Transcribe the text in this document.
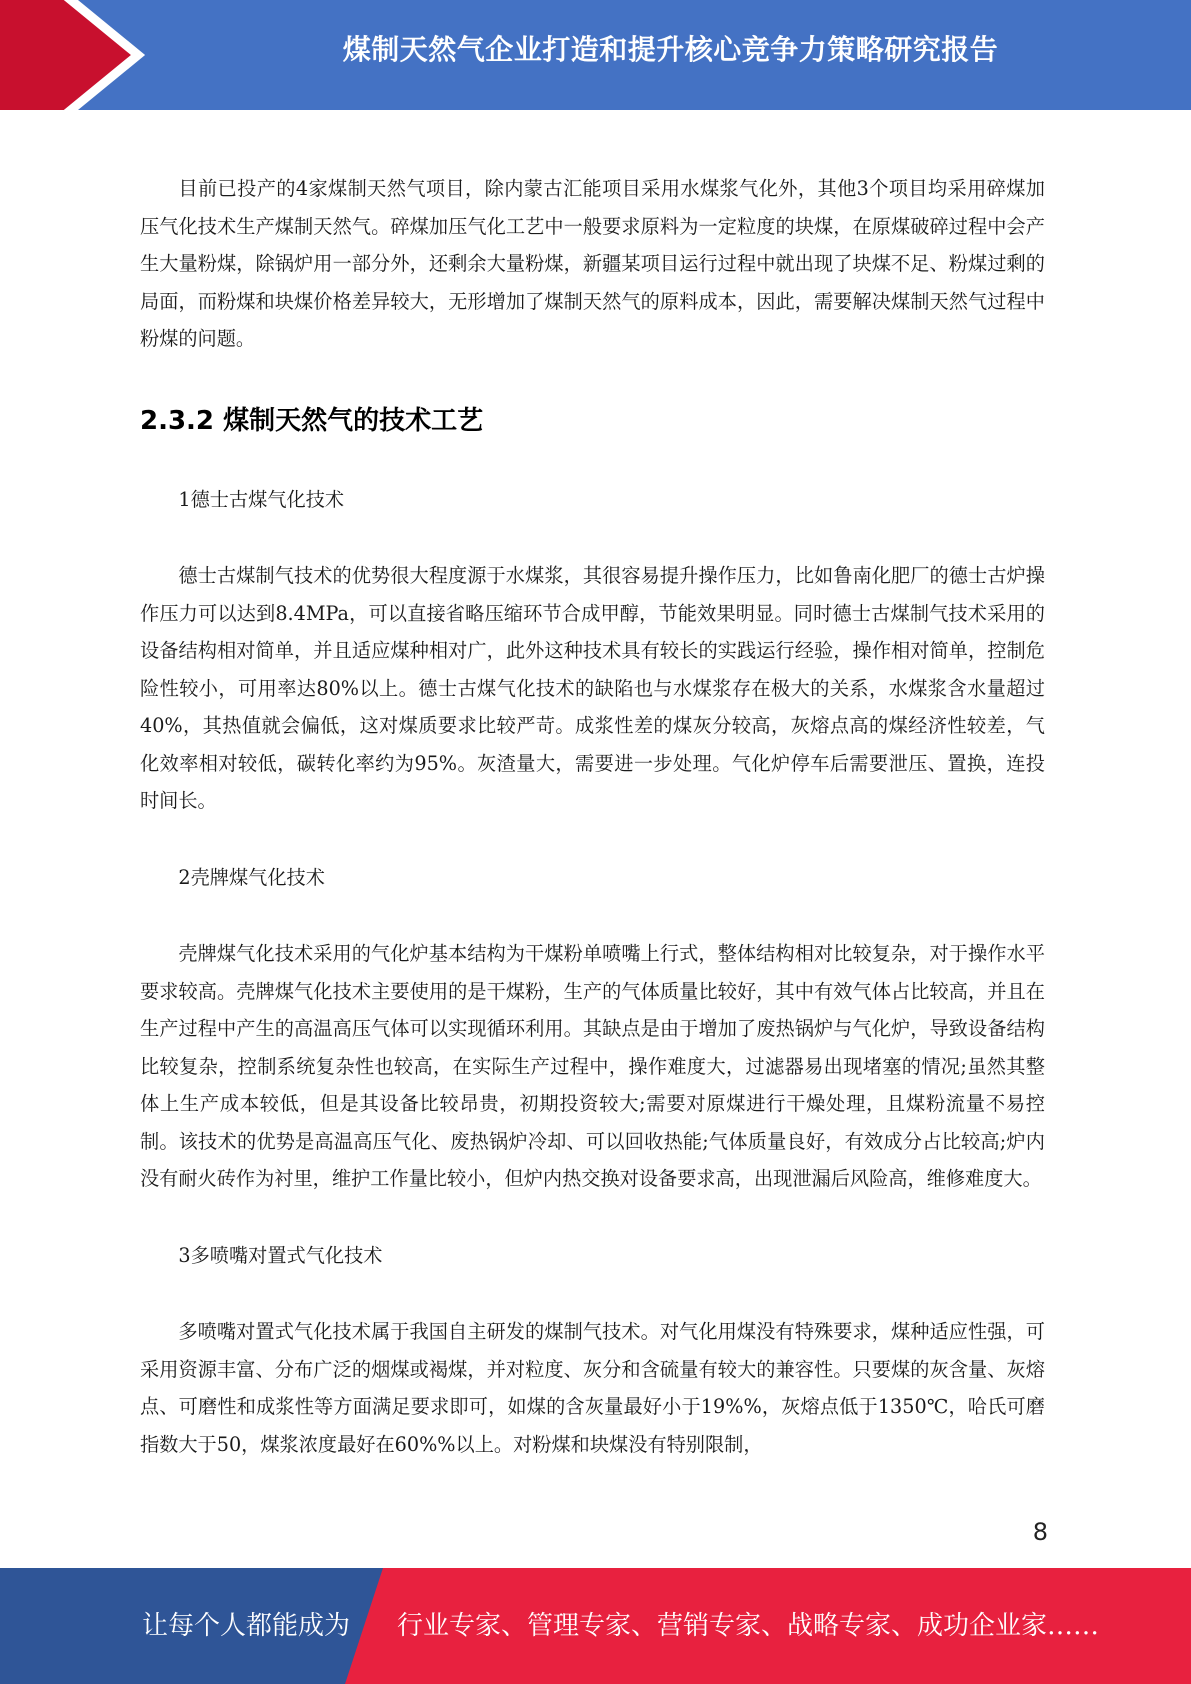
煤制天然气企业打造和提升核心竞争力策略研究报告

目前已投产的4家煤制天然气项目，除内蒙古汇能项目采用水煤浆气化外，其他3个项目均采用碎煤加压气化技术生产煤制天然气。碎煤加压气化工艺中一般要求原料为一定粒度的块煤，在原煤破碎过程中会产生大量粉煤，除锅炉用一部分外，还剩余大量粉煤，新疆某项目运行过程中就出现了块煤不足、粉煤过剩的局面，而粉煤和块煤价格差异较大，无形增加了煤制天然气的原料成本，因此，需要解决煤制天然气过程中粉煤的问题。

2.3.2 煤制天然气的技术工艺

1德士古煤气化技术

德士古煤制气技术的优势很大程度源于水煤浆，其很容易提升操作压力，比如鲁南化肥厂的德士古炉操作压力可以达到8.4MPa，可以直接省略压缩环节合成甲醇，节能效果明显。同时德士古煤制气技术采用的设备结构相对简单，并且适应煤种相对广，此外这种技术具有较长的实践运行经验，操作相对简单，控制危险性较小，可用率达80%以上。德士古煤气化技术的缺陷也与水煤浆存在极大的关系，水煤浆含水量超过40%，其热值就会偏低，这对煤质要求比较严苛。成浆性差的煤灰分较高，灰熔点高的煤经济性较差，气化效率相对较低，碳转化率约为95%。灰渣量大，需要进一步处理。气化炉停车后需要泄压、置换，连投时间长。

2壳牌煤气化技术

壳牌煤气化技术采用的气化炉基本结构为干煤粉单喷嘴上行式，整体结构相对比较复杂，对于操作水平要求较高。壳牌煤气化技术主要使用的是干煤粉，生产的气体质量比较好，其中有效气体占比较高，并且在生产过程中产生的高温高压气体可以实现循环利用。其缺点是由于增加了废热锅炉与气化炉，导致设备结构比较复杂，控制系统复杂性也较高，在实际生产过程中，操作难度大，过滤器易出现堵塞的情况;虽然其整体上生产成本较低，但是其设备比较昂贵，初期投资较大;需要对原煤进行干燥处理，且煤粉流量不易控制。该技术的优势是高温高压气化、废热锅炉冷却、可以回收热能;气体质量良好，有效成分占比较高;炉内没有耐火砖作为衬里，维护工作量比较小，但炉内热交换对设备要求高，出现泄漏后风险高，维修难度大。

3多喷嘴对置式气化技术

多喷嘴对置式气化技术属于我国自主研发的煤制气技术。对气化用煤没有特殊要求，煤种适应性强，可采用资源丰富、分布广泛的烟煤或褐煤，并对粒度、灰分和含硫量有较大的兼容性。只要煤的灰含量、灰熔点、可磨性和成浆性等方面满足要求即可，如煤的含灰量最好小于19%%，灰熔点低于1350℃，哈氏可磨指数大于50，煤浆浓度最好在60%%以上。对粉煤和块煤没有特别限制，

8
让每个人都能成为 行业专家、管理专家、营销专家、战略专家、成功企业家……
